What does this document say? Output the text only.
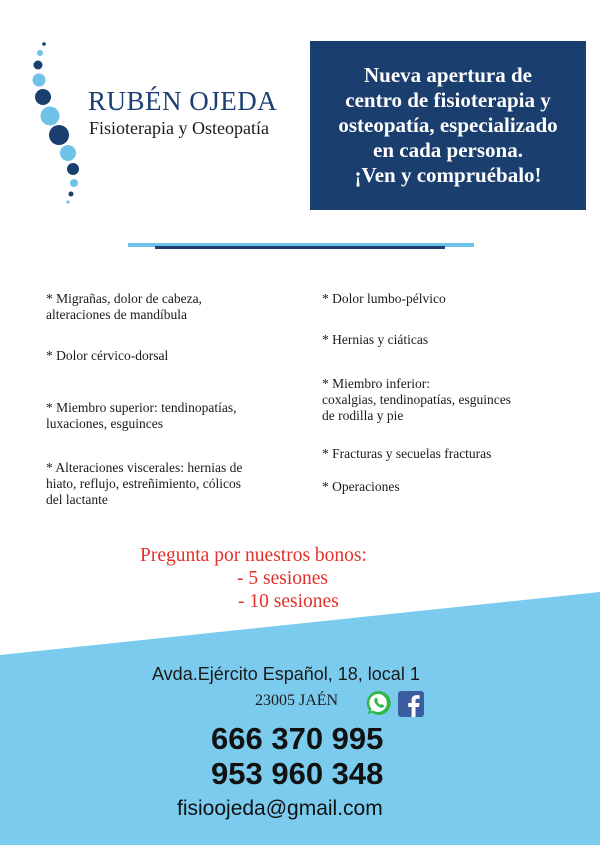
RUBÉN OJEDA
Fisioterapia y Osteopatía
Nueva apertura de
centro de fisioterapia y
osteopatía, especializado
en cada persona.
¡Ven y compruébalo!
* Migrañas, dolor de cabeza,
alteraciones de mandíbula
* Dolor cérvico-dorsal
* Miembro superior: tendinopatías,
luxaciones, esguinces
* Alteraciones viscerales: hernias de
hiato, reflujo, estreñimiento, cólicos
del lactante
* Dolor lumbo-pélvico
* Hernias y ciáticas
* Miembro inferior:
coxalgias, tendinopatías, esguinces
de rodilla y pie
* Fracturas y secuelas fracturas
* Operaciones
Pregunta por nuestros bonos:
- 5 sesiones
- 10 sesiones
Avda.Ejército Español, 18, local 1
23005 JAÉN
666 370 995
953 960 348
fisioojeda@gmail.com
